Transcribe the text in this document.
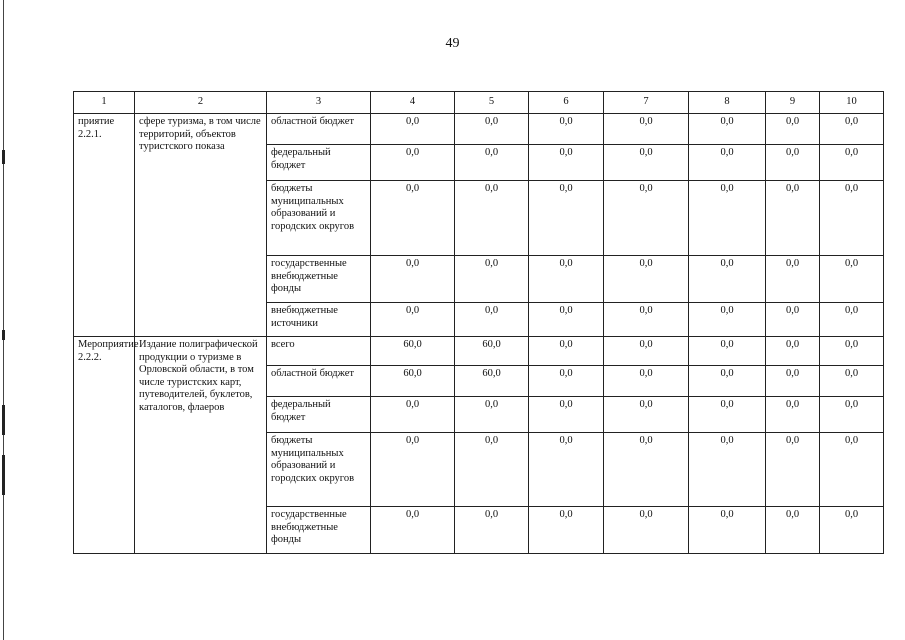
49
1	2	3	4	5	6	7	8	9	10
приятие 2.2.1.	сфере туризма, в том числе территорий, объектов туристского показа	областной бюджет	0,0	0,0	0,0	0,0	0,0	0,0	0,0
		федеральный бюджет	0,0	0,0	0,0	0,0	0,0	0,0	0,0
		бюджеты муниципальных образований и городских округов	0,0	0,0	0,0	0,0	0,0	0,0	0,0
		государственные внебюджетные фонды	0,0	0,0	0,0	0,0	0,0	0,0	0,0
		внебюджетные источники	0,0	0,0	0,0	0,0	0,0	0,0	0,0
Мероприятие 2.2.2.	Издание полиграфической продукции о туризме в Орловской области, в том числе туристских карт, путеводителей, буклетов, каталогов, флаеров	всего	60,0	60,0	0,0	0,0	0,0	0,0	0,0
		областной бюджет	60,0	60,0	0,0	0,0	0,0	0,0	0,0
		федеральный бюджет	0,0	0,0	0,0	0,0	0,0	0,0	0,0
		бюджеты муниципальных образований и городских округов	0,0	0,0	0,0	0,0	0,0	0,0	0,0
		государственные внебюджетные фонды	0,0	0,0	0,0	0,0	0,0	0,0	0,0
